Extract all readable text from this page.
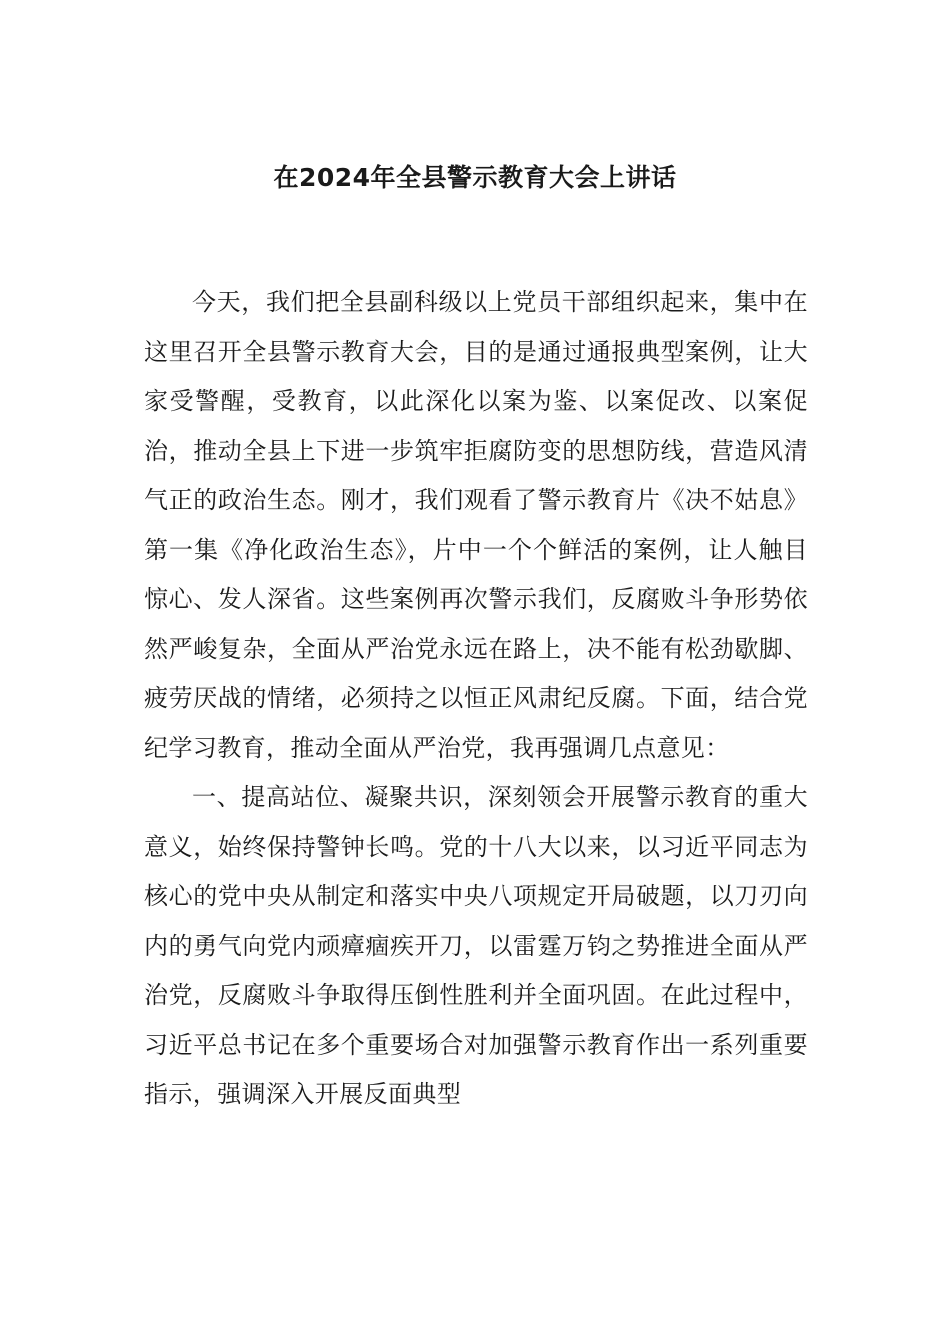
在2024年全县警示教育大会上讲话

今天，我们把全县副科级以上党员干部组织起来，集中在这里召开全县警示教育大会，目的是通过通报典型案例，让大家受警醒，受教育，以此深化以案为鉴、以案促改、以案促治，推动全县上下进一步筑牢拒腐防变的思想防线，营造风清气正的政治生态。刚才，我们观看了警示教育片《决不姑息》第一集《净化政治生态》，片中一个个鲜活的案例，让人触目惊心、发人深省。这些案例再次警示我们，反腐败斗争形势依然严峻复杂，全面从严治党永远在路上，决不能有松劲歇脚、疲劳厌战的情绪，必须持之以恒正风肃纪反腐。下面，结合党纪学习教育，推动全面从严治党，我再强调几点意见：

一、提高站位、凝聚共识，深刻领会开展警示教育的重大意义，始终保持警钟长鸣。党的十八大以来，以习近平同志为核心的党中央从制定和落实中央八项规定开局破题，以刀刃向内的勇气向党内顽瘴痼疾开刀，以雷霆万钧之势推进全面从严治党，反腐败斗争取得压倒性胜利并全面巩固。在此过程中，习近平总书记在多个重要场合对加强警示教育作出一系列重要指示，强调深入开展反面典型
